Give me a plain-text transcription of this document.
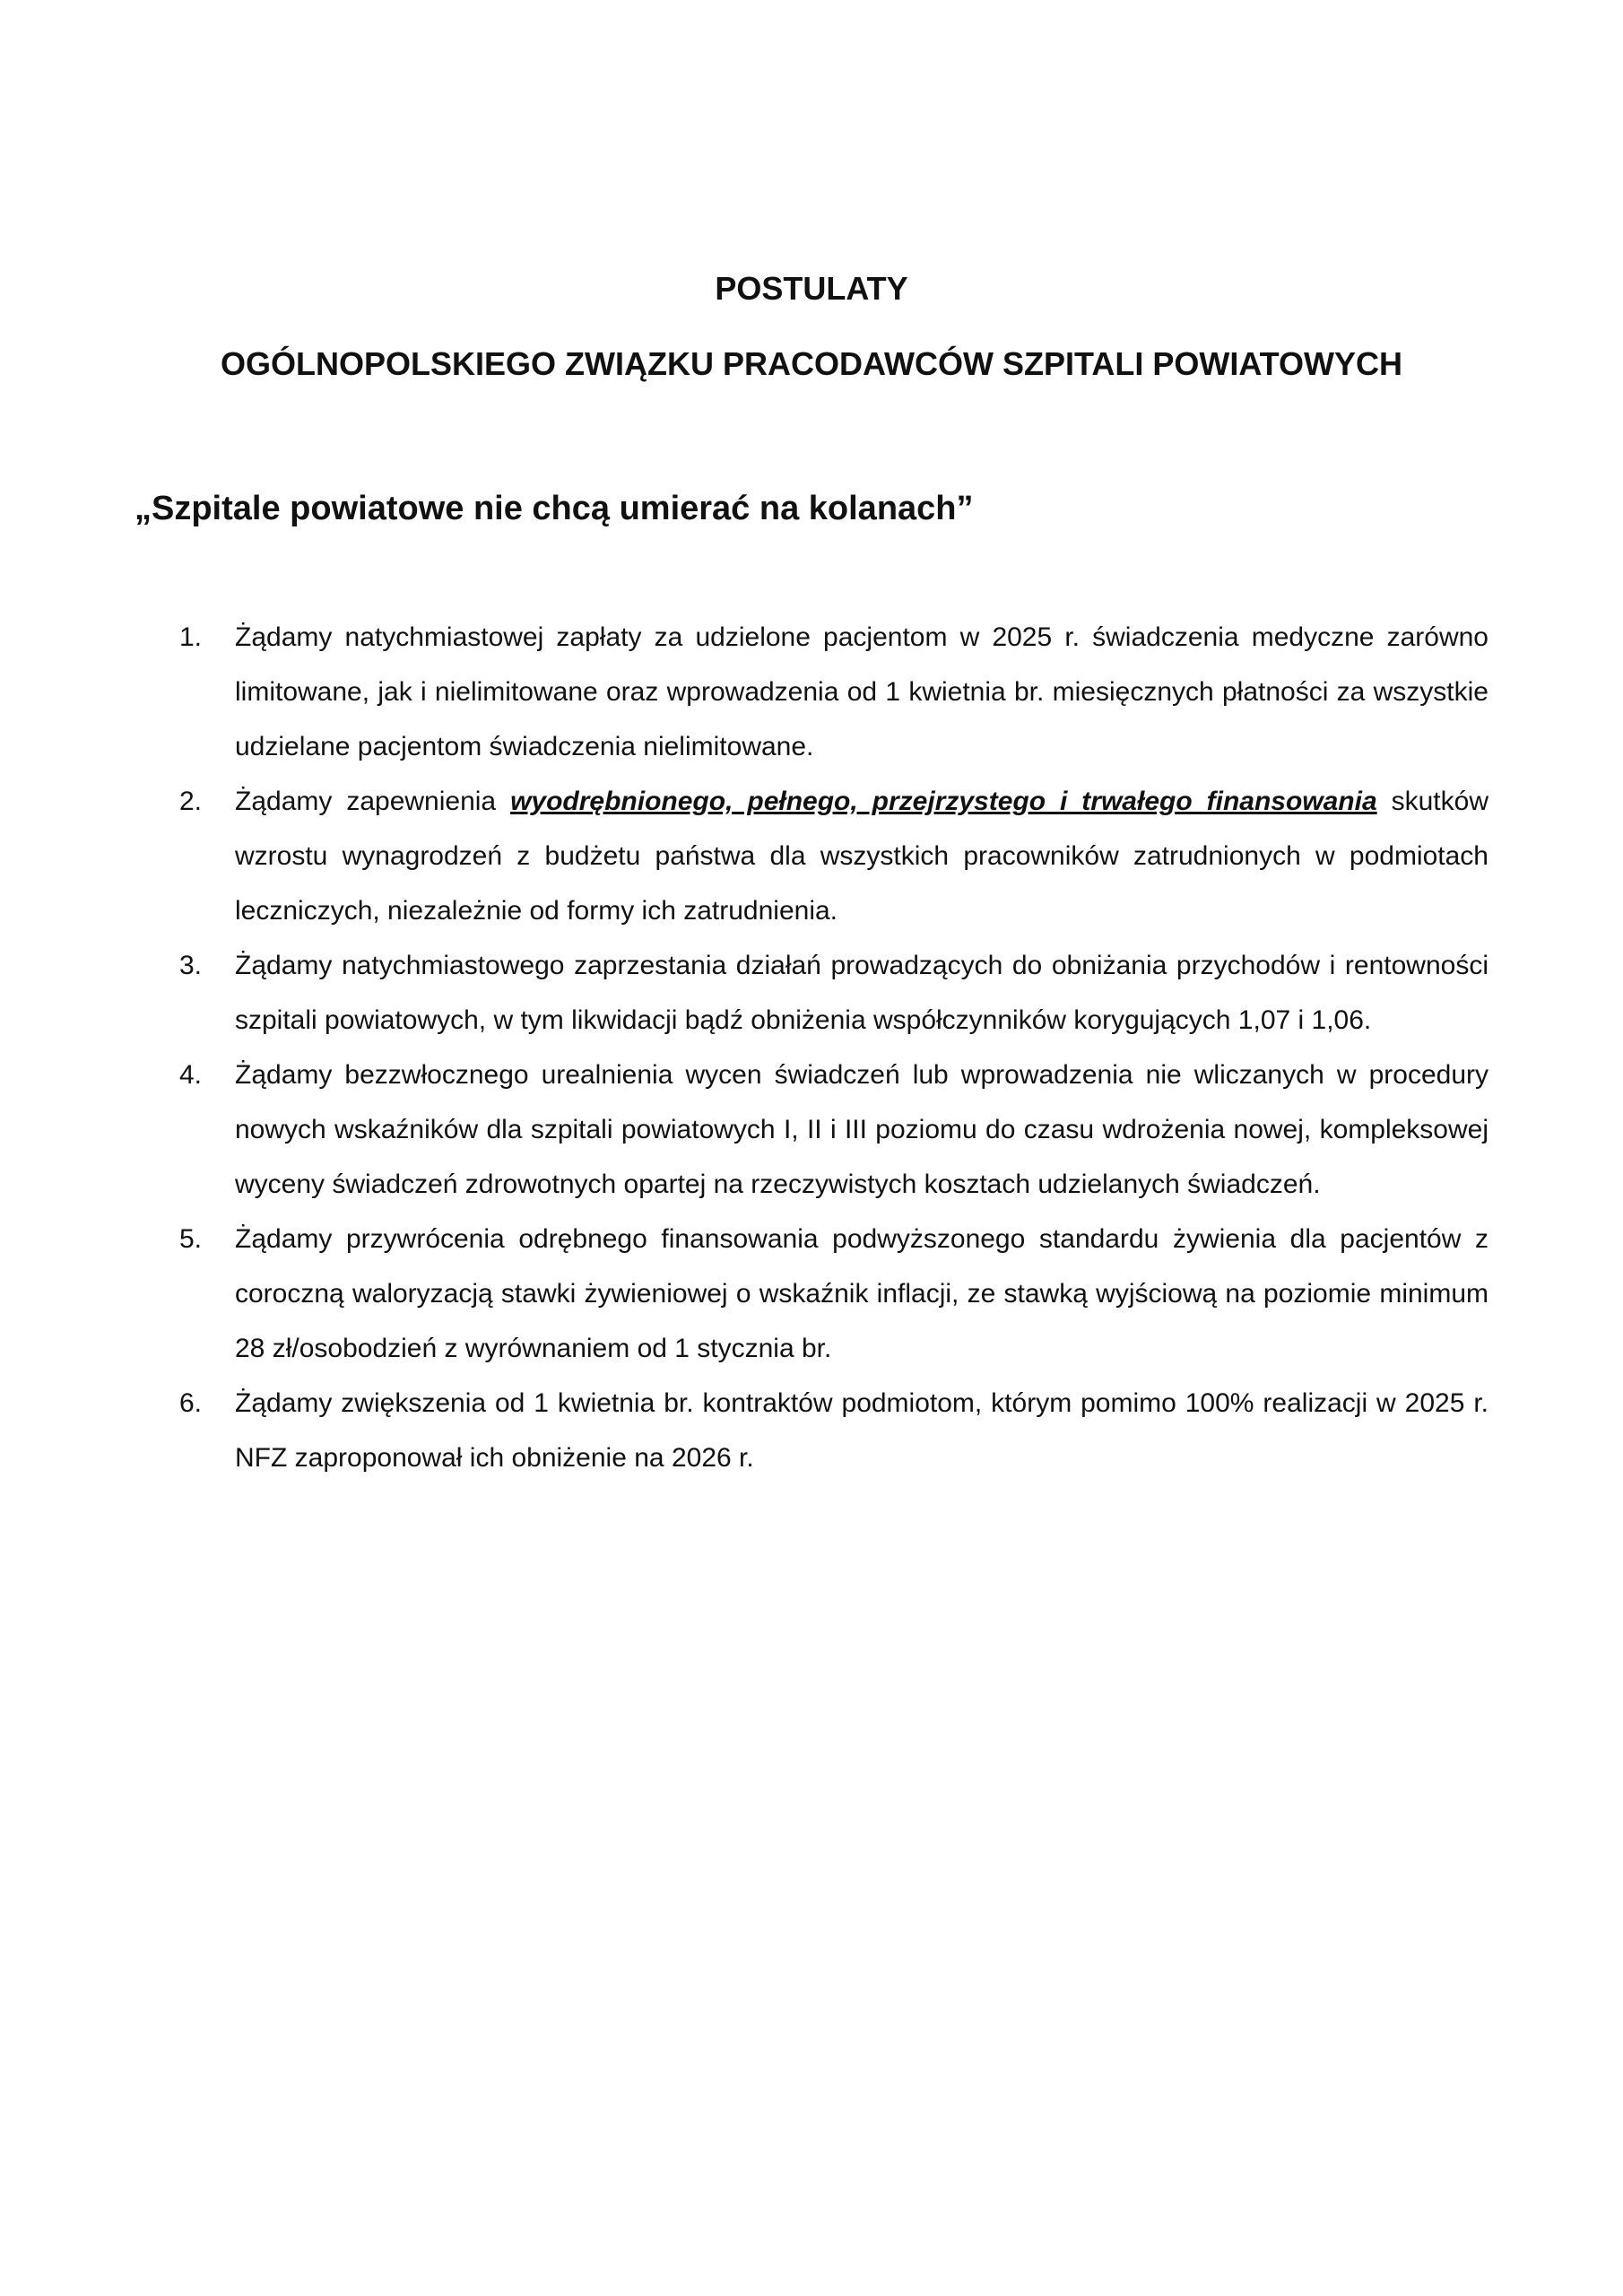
POSTULATY
OGÓLNOPOLSKIEGO ZWIĄZKU PRACODAWCÓW SZPITALI POWIATOWYCH
„Szpitale powiatowe nie chcą umierać na kolanach”
1.	Żądamy natychmiastowej zapłaty za udzielone pacjentom w 2025 r. świadczenia medyczne zarówno limitowane, jak i nielimitowane oraz wprowadzenia od 1 kwietnia br. miesięcznych płatności za wszystkie udzielane pacjentom świadczenia nielimitowane.
2.	Żądamy zapewnienia wyodrębnionego, pełnego, przejrzystego i trwałego finansowania skutków wzrostu wynagrodzeń z budżetu państwa dla wszystkich pracowników zatrudnionych w podmiotach leczniczych, niezależnie od formy ich zatrudnienia.
3.	Żądamy natychmiastowego zaprzestania działań prowadzących do obniżania przychodów i rentowności szpitali powiatowych, w tym likwidacji bądź obniżenia współczynników korygujących 1,07 i 1,06.
4.	Żądamy bezzwłocznego urealnienia wycen świadczeń lub wprowadzenia nie wliczanych w procedury nowych wskaźników dla szpitali powiatowych I, II i III poziomu do czasu wdrożenia nowej, kompleksowej wyceny świadczeń zdrowotnych opartej na rzeczywistych kosztach udzielanych świadczeń.
5.	Żądamy przywrócenia odrębnego finansowania podwyższonego standardu żywienia dla pacjentów z coroczną waloryzacją stawki żywieniowej o wskaźnik inflacji, ze stawką wyjściową na poziomie minimum 28 zł/osobodzień z wyrównaniem od 1 stycznia br.
6.	Żądamy zwiększenia od 1 kwietnia br. kontraktów podmiotom, którym pomimo 100% realizacji w 2025 r. NFZ zaproponował ich obniżenie na 2026 r.
